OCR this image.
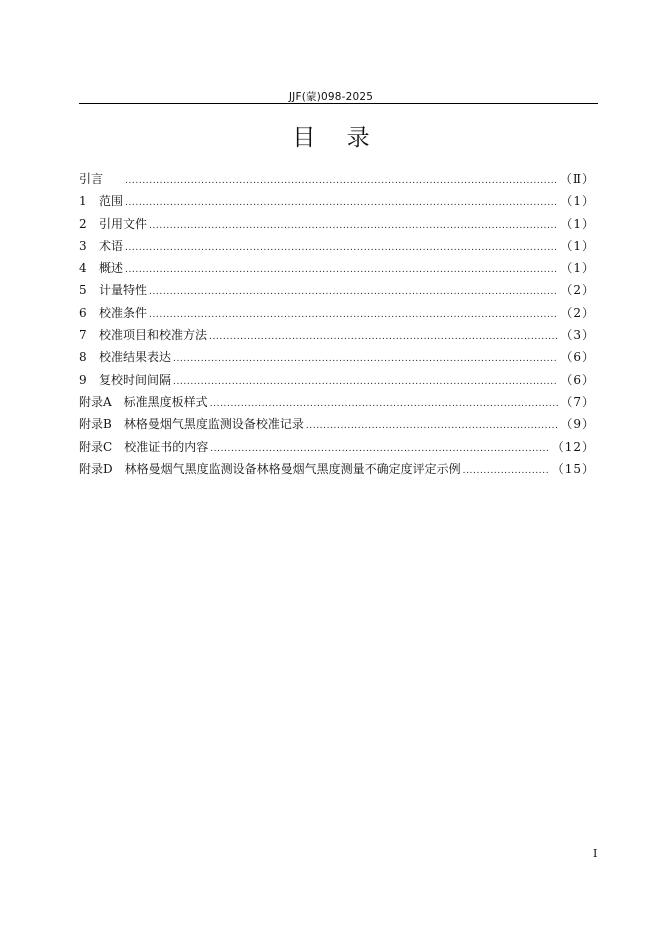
JJF(蒙)098-2025
目 录
引言 .....	（Ⅱ）
1	范围 .....	（1）
2	引用文件 .....	（1）
3	术语 .....	（1）
4	概述 .....	（1）
5	计量特性 .....	（2）
6	校准条件 .....	（2）
7	校准项目和校准方法 .....	（3）
8	校准结果表达 .....	（6）
9	复校时间间隔 .....	（6）
附录A 标准黑度板样式 .....	（7）
附录B 林格曼烟气黑度监测设备校准记录 .....	（9）
附录C 校准证书的内容 .....	（12）
附录D 林格曼烟气黑度监测设备林格曼烟气黑度测量不确定度评定示例 .....	（15）
I
